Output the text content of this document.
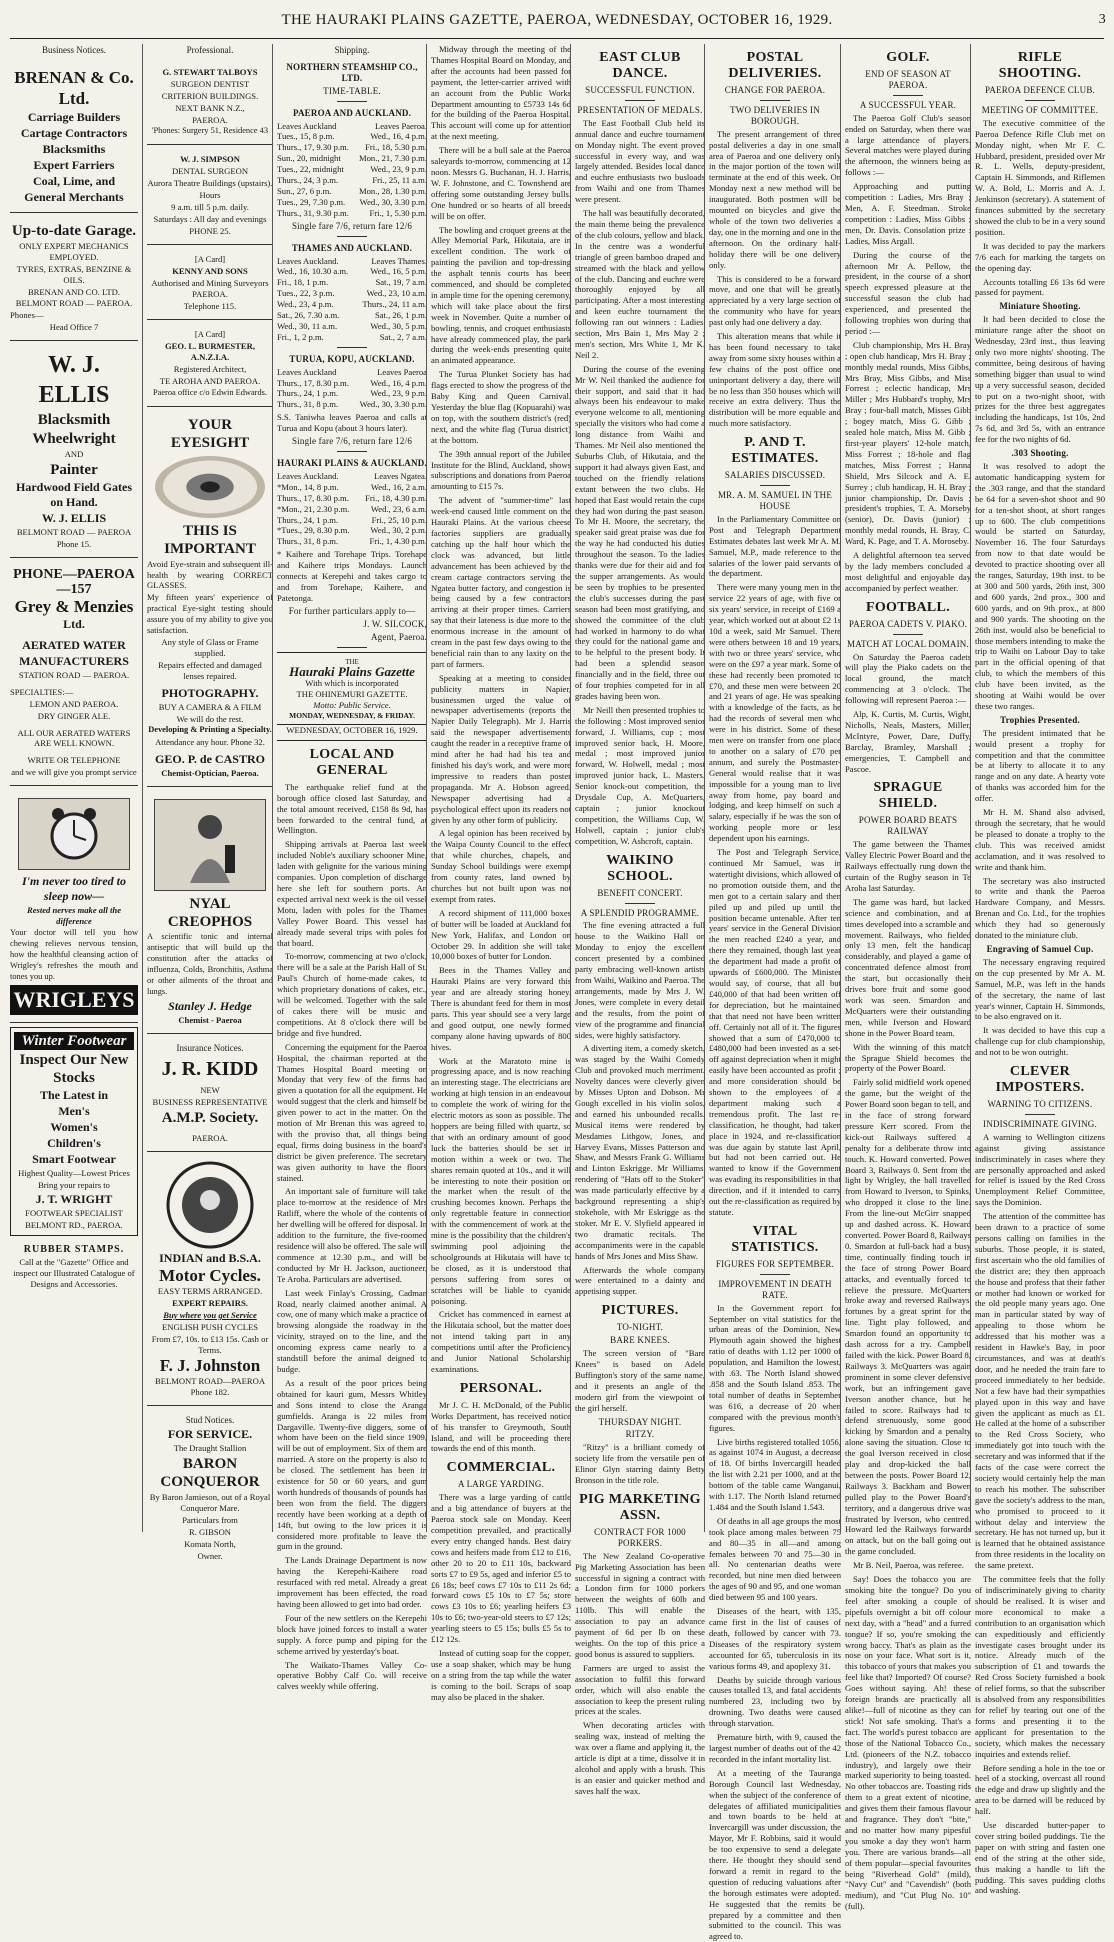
THE HAURAKI PLAINS GAZETTE, PAEROA, WEDNESDAY, OCTOBER 16, 1929.	3
Business Notices.

BRENAN & Co. Ltd.

Carriage Builders

Cartage Contractors

Blacksmiths

Expert Farriers

Coal, Lime, and

General Merchants

Up-to-date Garage.

ONLY EXPERT MECHANICS EMPLOYED.

TYRES, EXTRAS, BENZINE & OILS.

BRENAN AND CO. LTD.

BELMONT ROAD — PAEROA.

Phones—

Head Office 7

W. J. ELLIS

Blacksmith

Wheelwright

AND

Painter

Hardwood Field Gates on Hand.

W. J. ELLIS

BELMONT ROAD — PAEROA

Phone 15.

PHONE—PAEROA —157

Grey & Menzies

Ltd.

AERATED WATER

MANUFACTURERS

STATION ROAD — PAEROA.

SPECIALTIES:—

LEMON AND PAEROA.

DRY GINGER ALE.

ALL OUR AERATED WATERS ARE WELL KNOWN.

WRITE OR TELEPHONE

and we will give you prompt service

I'm never too tired to sleep now—

Rested nerves make all the difference

Your doctor will tell you how chewing relieves nervous tension, how the healthful cleansing action of Wrigley's refreshes the mouth and tones you up.

WRIGLEYS

Winter Footwear

Inspect Our New Stocks

The Latest in

Men's

Women's

Children's

Smart Footwear

Highest Quality—Lowest Prices

Bring your repairs to

J. T. WRIGHT

FOOTWEAR SPECIALIST

BELMONT RD., PAEROA.

RUBBER STAMPS.

Call at the "Gazette" Office and inspect our Illustrated Catalogue of Designs and Accessories.

Professional.

G. STEWART TALBOYS

SURGEON DENTIST

CRITERION BUILDINGS.

NEXT BANK N.Z.,

PAEROA.

'Phones: Surgery 51, Residence 43

W. J. SIMPSON

DENTAL SURGEON

Aurora Theatre Buildings (upstairs).

Hours

9 a.m. till 5 p.m. daily.

Saturdays : All day and evenings

PHONE 25.

[A Card]

KENNY AND SONS

Authorised and Mining Surveyors

PAEROA.

Telephone 115.

[A Card]

GEO. L. BURMESTER, A.N.Z.I.A.

Registered Architect,

TE AROHA AND PAEROA.

Paeroa office c/o Edwin Edwards.

YOUR EYESIGHT

THIS IS IMPORTANT

Avoid Eye-strain and subsequent ill-health by wearing CORRECT GLASSES.

My fifteen years' experience of practical Eye-sight testing should assure you of my ability to give you satisfaction.

Any style of Glass or Frame supplied.

Repairs effected and damaged lenses repaired.

PHOTOGRAPHY.

BUY A CAMERA & A FILM

We will do the rest.

Developing & Printing a Specialty.

Attendance any hour. Phone 32.

GEO. P. de CASTRO

Chemist-Optician, Paeroa.

NYAL CREOPHOS

A scientific tonic and internal antiseptic that will build up the constitution after the attacks of influenza, Colds, Bronchitis, Asthma or other ailments of the throat and lungs.

Stanley J. Hedge

Chemist - Paeroa

Insurance Notices.

J. R. KIDD

NEW

BUSINESS REPRESENTATIVE

A.M.P. Society.

PAEROA.

INDIAN and B.S.A.

Motor Cycles.

EASY TERMS ARRANGED.

EXPERT REPAIRS.

Buy where you get Service

ENGLISH PUSH CYCLES

From £7, 10s. to £13 15s. Cash or Terms.

F. J. Johnston

BELMONT ROAD—PAEROA

Phone 182.

Stud Notices.

FOR SERVICE.

The Draught Stallion

BARON CONQUEROR

By Baron Jamieson, out of a Royal Conqueror Mare.

Particulars from

R. GIBSON

Komata North,

Owner.

Shipping.

NORTHERN STEAMSHIP CO., LTD.

TIME-TABLE.

PAEROA AND AUCKLAND.

Leaves Auckland	Leaves Paeroa.
Tues., 15, 8 p.m.	Wed., 16, 4 p.m.
Thurs., 17, 9.30 p.m. Fri., 18, 5.30 p.m.
Sun., 20, midnight Mon., 21, 7.30 p.m.
Tues., 22, midnight	Wed., 23, 9 p.m.
Thurs., 24, 3 p.m.	Fri., 25, 11 a.m.
Sun., 27, 6 p.m.	Mon., 28, 1.30 p.m.
Tues., 29, 7.30 p.m. Wed., 30, 3.30 p.m.
Thurs., 31, 9.30 p.m. Fri., 1, 5.30 p.m.

Single fare 7/6, return fare 12/6

THAMES AND AUCKLAND.

Leaves Auckland.	Leaves Thames.
Wed., 16, 10.30 a.m.	Wed., 16, 5 p.m.
Fri., 18, 1 p.m.	Sat., 19, 7 a.m.
Tues., 22, 3 p.m.	Wed., 23, 10 a.m.
Wed., 23, 4 p.m.	Thurs., 24, 11 a.m.
Sat., 26, 7.30 a.m.	Sat., 26, 1 p.m.
Wed., 30, 11 a.m.	Wed., 30, 5 p.m.
Fri., 1, 2 p.m.	Sat., 2, 7 a.m.

TURUA, KOPU, AUCKLAND.

Leaves Auckland	Leaves Paeroa
Thurs., 17, 8.30 p.m.	Wed., 16, 4 p.m.
Thurs., 24, 1 p.m.	Wed., 23, 9 p.m.
Thurs., 31, 8 p.m.	Wed., 30, 3.30 p.m.

S.S. Taniwha leaves Paeroa and calls at Turua and Kopu (about 3 hours later).

Single fare 7/6, return fare 12/6

HAURAKI PLAINS & AUCKLAND.

Leaves Auckland.	Leaves Ngatea.
*Mon., 14, 8 p.m.	Wed., 16, 2 a.m.
Thurs., 17, 8.30 p.m. Fri., 18, 4.30 p.m.
*Mon., 21, 2.30 p.m.	Wed., 23, 6 a.m.
Thurs., 24, 1 p.m.	Fri., 25, 10 p.m.
*Tues., 29, 8.30 p.m. Wed., 30, 2 p.m.
Thurs., 31, 8 p.m.	Fri., 1, 4.30 p.m.

* Kaihere and Torehape Trips. Torehape and Kaihere trips Mondays. Launch connects at Kerepehi and takes cargo to and from Torehape, Kaihere, and Patetonga.

For further particulars apply to—

J. W. SILCOCK,

Agent, Paeroa.

THE

Hauraki Plains Gazette

With which is incorporated

THE OHINEMURI GAZETTE.

Motto: Public Service.

MONDAY, WEDNESDAY, & FRIDAY.

WEDNESDAY, OCTOBER 16, 1929.

LOCAL AND GENERAL

The earthquake relief fund at the borough office closed last Saturday, and the total amount received, £158 8s 9d, has been forwarded to the central fund, at Wellington.

Shipping arrivals at Paeroa last week included Noble's auxiliary schooner Mine, laden with gelignite for the various mining companies. Upon completion of discharge here she left for southern ports. An expected arrival next week is the oil vessel Motu, laden with poles for the Thames Valley Power Board. This vessel has already made several trips with poles for that board.

To-morrow, commencing at two o'clock, there will be a sale at the Parish Hall of St. Paul's Church of home-made cakes, to which proprietary donations of cakes, etc., will be welcomed. Together with the sale of cakes there will be music and competitions. At 8 o'clock there will be bridge and five hundred.

Concerning the equipment for the Paeroa Hospital, the chairman reported at the Thames Hospital Board meeting on Monday that very few of the firms had given a quotation for all the equipment. He would suggest that the clerk and himself be given power to act in the matter. On the motion of Mr Brenan this was agreed to, with the proviso that, all things being equal, firms doing business in the board's district be given preference. The secretary was given authority to have the floors stained.

An important sale of furniture will take place to-morrow at the residence of Mrs Ratliff, where the whole of the contents of her dwelling will be offered for disposal. In addition to the furniture, the five-roomed residence will also be offered. The sale will commence at 12.30 p.m., and will be conducted by Mr H. Jackson, auctioneer, Te Aroha. Particulars are advertised.

Last week Finlay's Crossing, Cadman Road, nearly claimed another animal. A cow, one of many which make a practice of browsing alongside the roadway in the vicinity, strayed on to the line, and the oncoming express came nearly to a standstill before the animal deigned to budge.

As a result of the poor prices being obtained for kauri gum, Messrs Whitley and Sons intend to close the Aranga gumfields. Aranga is 22 miles from Dargaville. Twenty-five diggers, some of whom have been on the field since 1909, will be out of employment. Six of them are married. A store on the property is also to be closed. The settlement has been in existence for 50 or 60 years, and gum worth hundreds of thousands of pounds has been won from the field. The diggers recently have been working at a depth of 14ft, but owing to the low prices it is considered more profitable to leave the gum in the ground.

The Lands Drainage Department is now having the Kerepehi-Kaihere road resurfaced with red metal. Already a great improvement has been effected, the road having been allowed to get into bad order.

Four of the new settlers on the Kerepehi block have joined forces to install a water supply. A force pump and piping for the scheme arrived by yesterday's boat.

The Waikato-Thames Valley Co-operative Bobby Calf Co. will receive calves weekly while offering.

Midway through the meeting of the Thames Hospital Board on Monday, and after the accounts had been passed for payment, the letter-carrier arrived with an account from the Public Works Department amounting to £5733 14s 6d for the building of the Paeroa Hospital. This account will come up for attention at the next meeting.

There will be a bull sale at the Paeroa saleyards to-morrow, commencing at 12 noon. Messrs G. Buchanan, H. J. Harris, W. F. Johnstone, and C. Townshend are offering some outstanding Jersey bulls. One hundred or so hearts of all breeds will be on offer.

The bowling and croquet greens at the Alley Memorial Park, Hikutaia, are in excellent condition. The work of painting the pavilion and top-dressing the asphalt tennis courts has been commenced, and should be completed in ample time for the opening ceremony, which will take place about the first week in November. Quite a number of bowling, tennis, and croquet enthusiasts have already commenced play, the park during the week-ends presenting quite an animated appearance.

The Turua Plunket Society has had flags erected to show the progress of the Baby King and Queen Carnival. Yesterday the blue flag (Kopuarahi) was on top, with the southern district's (red) next, and the white flag (Turua district) at the bottom.

The 39th annual report of the Jubilee Institute for the Blind, Auckland, shows subscriptions and donations from Paeroa amounting to £15 7s.

The advent of "summer-time" last week-end caused little comment on the Hauraki Plains. At the various cheese factories suppliers are gradually catching up the half hour which the clock was advanced, but little advancement has been achieved by the cream cartage contractors serving the Ngatea butter factory, and congestion is being caused by a few contractors arriving at their proper times. Carriers say that their lateness is due more to the enormous increase in the amount of cream in the past few days owing to the beneficial rain than to any laxity on the part of farmers.

Speaking at a meeting to consider publicity matters in Napier, businessmen urged the value of newspaper advertisements (reports the Napier Daily Telegraph). Mr J. Harris said the newspaper advertisements caught the reader in a receptive frame of mind after he had had his tea and finished his day's work, and were more impressive to readers than poster propaganda. Mr A. Hobson agreed. Newspaper advertising had a psychological effect upon its readers not given by any other form of publicity.

A legal opinion has been received by the Waipa County Council to the effect that while churches, chapels, and Sunday School buildings were exempt from county rates, land owned by churches but not built upon was not exempt from rates.

A record shipment of 111,000 boxes of butter will be loaded at Auckland for New York, Halifax, and London on October 29. In addition she will take 10,000 boxes of butter for London.

Bees in the Thames Valley and Hauraki Plains are very forward this year and are already storing honey. There is abundant feed for them in most parts. This year should see a very large and good output, one newly formed company alone having upwards of 800 hives.

Work at the Maratoto mine is progressing apace, and is now reaching an interesting stage. The electricians are working at high tension in an endeavour to complete the work of wiring for the electric motors as soon as possible. The hoppers are being filled with quartz, so that with an ordinary amount of good luck the batteries should be set in motion within a week or two. The shares remain quoted at 10s., and it will be interesting to note their position on the market when the result of the crushing becomes known. Perhaps the only regrettable feature in connection with the commencement of work at the mine is the possibility that the children's swimming pool adjoining the schoolgrounds at Hikutaia will have to be closed, as it is understood that persons suffering from sores or scratches will be liable to cyanide poisoning.

Cricket has commenced in earnest at the Hikutaia school, but the matter does not intend taking part in any competitions until after the Proficiency and Junior National Scholarship examinations.

PERSONAL.

Mr J. C. H. McDonald, of the Public Works Department, has received notice of his transfer to Greymouth, South Island, and will be proceeding there towards the end of this month.

COMMERCIAL.

A LARGE YARDING.

There was a large yarding of cattle and a big attendance of buyers at the Paeroa stock sale on Monday. Keen competition prevailed, and practically every entry changed hands. Best dairy cows and heifers made from £12 to £16, other 20 to 20 to £11 10s, backward sorts £7 to £9 5s, aged and inferior £5 to £6 18s; beef cows £7 10s to £11 2s 6d; forward cows £5 10s to £7 5s; store cows £3 10s to £6; yearling heifers £3 10s to £6; two-year-old steers to £7 12s; yearling steers to £5 15s; bulls £5 5s to £12 12s.

Instead of cutting soap for the copper, use a soap shaker, which may be hung on a string from the tap while the water is coming to the boil. Scraps of soap may also be placed in the shaker.

EAST CLUB DANCE.

SUCCESSFUL FUNCTION.

PRESENTATION OF MEDALS.

The East Football Club held its annual dance and euchre tournament on Monday night. The event proved successful in every way, and was largely attended. Besides local dance and euchre enthusiasts two busloads from Waihi and one from Thames were present.

The hall was beautifully decorated, the main theme being the prevalence of the club colours, yellow and black. In the centre was a wonderful triangle of green bamboo draped and streamed with the black and yellow of the club. Dancing and euchre were thoroughly enjoyed by all participating. After a most interesting and keen euchre tournament the following ran out winners : Ladies' section, Mrs Bain 1, Mrs May 2 ; men's section, Mrs White 1, Mr K. Neil 2.

During the course of the evening Mr W. Neil thanked the audience for their support, and said that it had always been his endeavour to make everyone welcome to all, mentioning specially the visitors who had come a long distance from Waihi and Thames. Mr Neil also mentioned the Suburbs Club, of Hikutaia, and the support it had always given East, and touched on the friendly relations extant between the two clubs. He hoped that East would retain the cups they had won during the past season. To Mr H. Moore, the secretary, the speaker said great praise was due for the way he had conducted his duties throughout the season. To the ladies thanks were due for their aid and for the supper arrangements. As would be seen by trophies to be presented the club's successes during the past season had been most gratifying, and showed the committee of the club had worked in harmony to do what they could for the national game and to be helpful to the present body. It had been a splendid season financially and in the field, three out of four trophies competed for in all grades having been won.

Mr Neill then presented trophies to the following : Most improved senior forward, J. Williams, cup ; most improved senior back, H. Moore, medal ; most improved junior forward, W. Holwell, medal ; most improved junior back, L. Masters. Senior knock-out competition, the Drysdale Cup, A. McQuarters, captain ; junior knockout competition, the Williams Cup, W. Holwell, captain ; junior club's competition, W. Ashcroft, captain.

WAIKINO SCHOOL.

BENEFIT CONCERT.

A SPLENDID PROGRAMME.

The fine evening attracted a full house to the Waikino Hall on Monday to enjoy the excellent concert presented by a combined party embracing well-known artists from Waihi, Waikino and Paeroa. The arrangements, made by Mrs J. W. Jones, were complete in every detail and the results, from the point of view of the programme and financial sides, were highly satisfactory.

A diverting item, a comedy sketch, was staged by the Waihi Comedy Club and provoked much merriment. Novelty dances were cleverly given by Misses Upton and Dobson. Mr Gough excelled in his violin solos, and earned his unbounded recalls. Musical items were rendered by Mesdames Lithgow, Jones, and Harvey Evans, Misses Patterson and Shaw, and Messrs Frank G. Williams and Linton Eskrigge. Mr Williams' rendering of "Hats off to the Stoker" was made particularly effective by a background representing a ship's stokehole, with Mr Eskrigge as the stoker. Mr E. V. Slyfield appeared in two dramatic recitals. The accompaniments were in the capable hands of Mrs Jones and Miss Shaw.

Afterwards the whole company were entertained to a dainty and appetising supper.

PICTURES.

TO-NIGHT.

BARE KNEES.

The screen version of "Bare Knees" is based on Adele Buffington's story of the same name, and it presents an angle of the modern girl from the viewpoint of the girl herself.

THURSDAY NIGHT.

RITZY.

"Ritzy" is a brilliant comedy of society life from the versatile pen of Elinor Glyn starring dainty Betty Bronson in the title role.

PIG MARKETING ASSN.

CONTRACT FOR 1000 PORKERS.

The New Zealand Co-operative Pig Marketing Association has been successful in signing a contract with a London firm for 1000 porkers between the weights of 60lb and 110lb. This will enable the association to pay an advance payment of 6d per lb on these weights. On the top of this price a good bonus is assured to suppliers.

Farmers are urged to assist the association to fulfil this forward order, which will also enable the association to keep the present ruling prices at the scales.

When decorating articles with sealing wax, instead of melting the wax over a flame and applying it, the article is dipt at a time, dissolve it in alcohol and apply with a brush. This is an easier and quicker method and saves half the wax.

POSTAL DELIVERIES.

CHANGE FOR PAEROA.

TWO DELIVERIES IN BOROUGH.

The present arrangement of three postal deliveries a day in one small area of Paeroa and one delivery only in the major portion of the town will terminate at the end of this week. On Monday next a new method will be inaugurated. Both postmen will be mounted on bicycles and give the whole of the town two deliveries a day, one in the morning and one in the afternoon. On the ordinary half-holiday there will be one delivery only.

This is considered to be a forward move, and one that will be greatly appreciated by a very large section of the community who have for years past only had one delivery a day.

This alteration means that while it has been found necessary to take away from some sixty houses within a few chains of the post office one uninportant delivery a day, there will be no less than 350 houses which will receive an extra delivery. Thus the distribution will be more equable and much more satisfactory.

P. AND T. ESTIMATES.

SALARIES DISCUSSED.

MR. A. M. SAMUEL IN THE HOUSE

In the Parliamentary Committee on Post and Telegraph Department Estimates debates last week Mr A. M. Samuel, M.P., made reference to the salaries of the lower paid servants of the department.

There were many young men in the service 22 years of age, with five or six years' service, in receipt of £169 a year, which worked out at about £2 1s 10d a week, said Mr Samuel. There were others between 18 and 19 years, with two or three years' service, who were on the £97 a year mark. Some of these had recently been promoted to £70, and these men were between 20 and 21 years of age. He was speaking with a knowledge of the facts, as he had the records of several men who were in his district. Some of these men were on transfer from one place to another on a salary of £70 per annum, and surely the Postmaster-General would realise that it was impossible for a young man to live away from home, pay board and lodging, and keep himself on such a salary, especially if he was the son of working people more or less dependent upon his earnings.

The Post and Telegraph Service, continued Mr Samuel, was in watertight divisions, which allowed of no promotion outside them, and the men got to a certain salary and then piled up and piled up until the position became untenable. After ten years' service in the General Division the men reached £240 a year, and there they remained, though last year the department had made a profit of upwards of £600,000. The Minister would say, of course, that all but £40,000 of that had been written off for depreciation, but he maintained that that need not have been written off. Certainly not all of it. The figures showed that a sum of £470,000 to £480,000 had been invested as a set-off against depreciation when it might easily have been accounted as profit ; and more consideration should be shown to the employees of a department making such a tremendous profit. The last re-classification, he thought, had taken place in 1924, and re-classification was due again by statute last April, but had not been carried out. He wanted to know if the Government was evading its responsibilities in that direction, and if it intended to carry out the re-classification as required by statute.

VITAL STATISTICS.

FIGURES FOR SEPTEMBER.

IMPROVEMENT IN DEATH RATE.

In the Government report for September on vital statistics for the urban areas of the Dominion, New Plymouth again showed the highest ratio of deaths with 1.12 per 1000 of population, and Hamilton the lowest, with .63. The North Island showed .858 and the South Island .853. The total number of deaths in September was 616, a decrease of 20 when compared with the previous month's figures.

Live births registered totalled 1056, as against 1074 in August, a decrease of 18. Of births Invercargill headed the list with 2.21 per 1000, and at the bottom of the table came Wanganui, with 1.17. The North Island returned 1.484 and the South Island 1.543.

Of deaths in all age groups the most took place among males between 75 and 80—35 in all—and among females between 70 and 75—30 in all. No centenarian deaths were recorded, but nine men died between the ages of 90 and 95, and one woman died between 95 and 100 years.

Diseases of the heart, with 135, came first in the list of causes of death, followed by cancer with 73. Diseases of the respiratory system accounted for 65, tuberculosis in its various forms 49, and apoplexy 31.

Deaths by suicide through various causes totalled 13, and fatal accidents numbered 23, including two by drowning. Two deaths were caused through starvation.

Premature birth, with 9, caused the largest number of deaths out of the 42 recorded in the infant mortality list.

At a meeting of the Tauranga Borough Council last Wednesday, when the subject of the conference of delegates of affiliated municipalities and town boards to be held at Invercargill was under discussion, the Mayor, Mr F. Robbins, said it would be too expensive to send a delegate there. He thought they should send forward a remit in regard to the question of reducing valuations after the borough estimates were adopted. He suggested that the remits be prepared by a committee and then submitted to the council. This was agreed to.

GOLF.

END OF SEASON AT PAEROA.

A SUCCESSFUL YEAR.

The Paeroa Golf Club's season ended on Saturday, when there was a large attendance of players. Several matches were played during the afternoon, the winners being as follows :—

Approaching and putting competition : Ladies, Mrs Bray ; Men, A. F. Steedman. Stroke competition : Ladies, Miss Gibbs ; men, Dr. Davis. Consolation prize : Ladies, Miss Argall.

During the course of the afternoon Mr A. Pellow, the president, in the course of a short speech expressed pleasure at the successful season the club had experienced, and presented the following trophies won during that period :—

Club championship, Mrs H. Bray ; open club handicap, Mrs H. Bray ; monthly medal rounds, Miss Gibbs, Mrs Bray, Miss Gibbs, and Miss Forrest ; eclectic handicap, Mrs Miller ; Mrs Hubbard's trophy, Mrs Bray ; four-ball match, Misses Gibb ; bogey match, Miss G. Gibb ; sealed hole match, Miss M. Gibb ; first-year players' 12-hole match, Miss Forrest ; 18-hole and flag matches, Miss Forrest ; Hanna Shield, Mrs Silcock and A. E. Surrey ; club handicap, H. H. Bray ; junior championship, Dr. Davis ; president's trophies, T. A. Morseby (senior), Dr. Davis (junior) ; monthly medal rounds, H. Bray, C. Ward, K. Page, and T. A. Moroseby.

A delightful afternoon tea served by the lady members concluded a most delightful and enjoyable day accompanied by perfect weather.

FOOTBALL.

PAEROA CADETS V. PIAKO.

MATCH AT LOCAL DOMAIN.

On Saturday the Paeroa cadets will play the Piako cadets on the local ground, the match commencing at 3 o'clock. The following will represent Paeroa :—

Alp, K. Curtis, M. Curtis, Wight, Nicholls, Neals, Masters, Miller, McIntyre, Power, Dare, Duffy, Barclay, Bramley, Marshall ; emergencies, T. Campbell and Pascoe.

SPRAGUE SHIELD.

POWER BOARD BEATS RAILWAY

The game between the Thames Valley Electric Power Board and the Railways effectually rung down the curtain of the Rugby season in Te Aroha last Saturday.

The game was hard, but lacked science and combination, and at times developed into a scramble and movement. Railways, who fielded only 13 men, felt the handicap considerably, and played a game of concentrated defence almost from the start, but occasionally their drives bore fruit and some good work was seen. Smardon and McQuarters were their outstanding men, while Iverson and Howard shone in the Power Board team.

With the winning of this match the Sprague Shield becomes the property of the Power Board.

Fairly solid midfield work opened the game, but the weight of the Power Board soon began to tell, and in the face of strong forward pressure Kerr scored. From the kick-out Railways suffered a penalty for a deliberate throw into touch. K. Howard converted. Power Board 3, Railways 0. Sent from the light by Wrigley, the ball travelled from Howard to Iverson, to Spinks, who dropped it close to the line. From the line-out McGirr snapped up and dashed across. K. Howard converted. Power Board 8, Railways 0. Smardon at full-back had a busy time, continually finding touch in the face of strong Power Board attacks, and eventually forced to relieve the pressure. McQuarters broke away and reversed Railways' fortunes by a great sprint for the line. Tight play followed, and Smardon found an opportunity to dash across for a try. Campbell failed with the kick. Power Board 8, Railways 3. McQuarters was again prominent in some clever defensive work, but an infringement gave Iverson another chance, but he failed to score. Railways had to defend strenuously, some good kicking by Smardon and a penalty alone saving the situation. Close to the goal Iverson received in close play and drop-kicked the ball between the posts. Power Board 12, Railways 3. Backham and Bowen pulled play to the Power Board's territory, and a dangerous drive was frustrated by Iverson, who centred. Howard led the Railways forwards on attack, but on the ball going out the game concluded.

Mr B. Neil, Paeroa, was referee.

Say! Does the tobacco you are smoking bite the tongue? Do you feel after smoking a couple of pipefuls overnight a bit off colour next day, with a "head" and a furred tongue? If so, you're smoking the wrong baccy. That's as plain as the nose on your face. What sort is it, this tobacco of yours that makes you feel like that? Imported? Of course? Goes without saying. Ah! these foreign brands are practically all alike!—full of nicotine as they can stick! Not safe smoking. That's a fact. The world's purest tobacco are those of the National Tobacco Co., Ltd. (pioneers of the N.Z. tobacco industry), and largely owe their marked superiority to being toasted. No other tobaccos are. Toasting rids them to a great extent of nicotine, and gives them their famous flavour and fragrance. They don't "bite," and no matter how many pipesful you smoke a day they won't harm you. There are various brands—all of them popular—special favourites being "Riverhead Gold" (mild), "Navy Cut" and "Cavendish" (both medium), and "Cut Plug No. 10" (full).

RIFLE SHOOTING.

PAEROA DEFENCE CLUB.

MEETING OF COMMITTEE.

The executive committee of the Paeroa Defence Rifle Club met on Monday night, when Mr F. C. Hubbard, president, presided over Mr R. L. Wells, deputy-president, Captain H. Simmonds, and Riflemen W. A. Bold, L. Morris and A. J. Jenkinson (secretary). A statement of finances submitted by the secretary showed the club to be in a very sound position.

It was decided to pay the markers 7/6 each for marking the targets on the opening day.

Accounts totalling £6 13s 6d were passed for payment.

Miniature Shooting.

It had been decided to close the miniature range after the shoot on Wednesday, 23rd inst., thus leaving only two more nights' shooting. The committee, being desirous of having something bigger than usual to wind up a very successful season, decided to put on a two-night shoot, with prizes for the three best aggregates including the handicaps, 1st 10s, 2nd 7s 6d, and 3rd 5s, with an entrance fee for the two nights of 6d.

.303 Shooting.

It was resolved to adopt the automatic handicapping system for the .303 range, and that the standard be 64 for a seven-shot shoot and 90 for a ten-shot shoot, at short ranges up to 600. The club competitions would be started on Saturday, November 16. The four Saturdays from now to that date would be devoted to practice shooting over all the ranges, Saturday, 19th inst. to be at 300 and 500 yards, 26th inst, 300 and 600 yards, 2nd prox., 300 and 600 yards, and on 9th prox., at 800 and 900 yards. The shooting on the 26th inst. would also be beneficial to those members intending to make the trip to Waihi on Labour Day to take part in the official opening of that club, to which the members of this club have been invited, as the shooting at Waihi would be over these two ranges.

Trophies Presented.

The president intimated that he would present a trophy for competition and that the committee be at liberty to allocate it to any range and on any date. A hearty vote of thanks was accorded him for the offer.

Mr H. M. Shand also advised, through the secretary, that he would be pleased to donate a trophy to the club. This was received amidst acclamation, and it was resolved to write and thank him.

The secretary was also instructed to write and thank the Paeroa Hardware Company, and Messrs. Brenan and Co. Ltd., for the trophies which they had so generously donated to the miniature club.

Engraving of Samuel Cup.

The necessary engraving required on the cup presented by Mr A. M. Samuel, M.P., was left in the hands of the secretary, the name of last year's winner, Captain H. Simmonds, to be also engraved on it.

It was decided to have this cup a challenge cup for club championship, and not to be won outright.

CLEVER IMPOSTERS.

WARNING TO CITIZENS.

INDISCRIMINATE GIVING.

A warning to Wellington citizens against giving assistance indiscriminately in cases where they are personally approached and asked for relief is issued by the Red Cross Unemployment Relief Committee, says the Dominion.

The attention of the committee has been drawn to a practice of some persons calling on families in the suburbs. Those people, it is stated, first ascertain who the old families of the district are; they then approach the house and profess that their father or mother had known or worked for the old people many years ago. One man in particular stated by way of appealing to those whom he addressed that his mother was a resident in Hawke's Bay, in poor circumstances, and was at death's door, and he needed the train fare to proceed immediately to her bedside. Not a few have had their sympathies played upon in this way and have given the applicant as much as £1. He called at the home of a subscriber to the Red Cross Society, who immediately got into touch with the secretary and was informed that if the facts of the case were correct the society would certainly help the man to reach his mother. The subscriber gave the society's address to the man, who promised to proceed to it without delay and interview the secretary. He has not turned up, but it is learned that he obtained assistance from three residents in the locality on the same pretext.

The committee feels that the folly of indiscriminately giving to charity should be realised. It is wiser and more economical to make a contribution to an organisation which can expeditiously and efficiently investigate cases brought under its notice. Already much of the subscription of £1 and towards the Red Cross Society furnished a book of relief forms, so that the subscriber is absolved from any responsibilities for relief by tearing out one of the forms and presenting it to the applicant for presentation to the society, which makes the necessary inquiries and extends relief.

Before sending a hole in the toe or heel of a stocking, overcast all round the edge and draw up slightly and the area to be darned will be reduced by half.

Use discarded butter-paper to cover string boiled puddings. Tie the paper on with string and fasten one end of the string at the other side, thus making a handle to lift the pudding. This saves pudding cloths and washing.
